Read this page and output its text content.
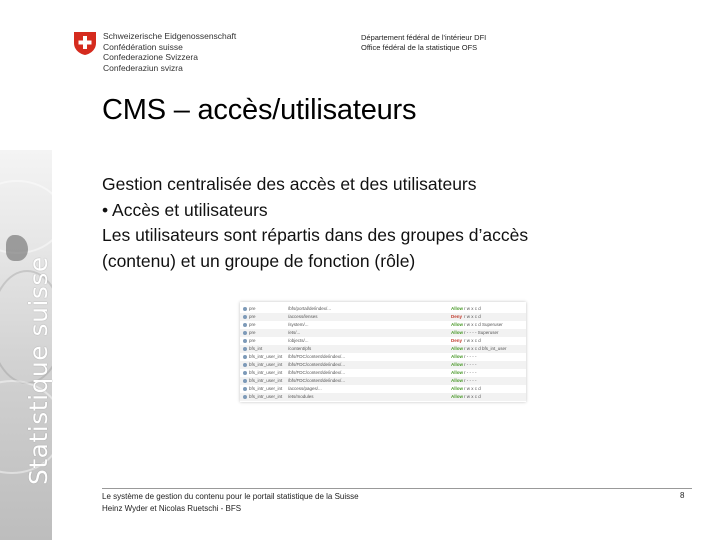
Statistique suisse
Schweizerische Eidgenossenschaft
Confédération suisse
Confederazione Svizzera
Confederaziun svizra
Département fédéral de l'intérieur DFI
Office fédéral de la statistique OFS
CMS – accès/utilisateurs
Gestion centralisée des accès et des utilisateurs
• Accès et utilisateurs
Les utilisateurs sont répartis dans des groupes d’accès
(contenu) et un groupe de fonction (rôle)
pre	/bfs/portal/de/index/...	Allow r w x c d
pre	/access/lenses	Deny r w x c d
pre	/system/...	Allow r w x c d Superuser
pre	/ets/...	Allow r - - - - Superuser
pre	/objects/...	Deny r w x c d
bfs_int	/content/pfs	Allow r w x c d bfs_int_user
bfs_intr_user_int /bfs/FDC/content/de/index/...	Allow r - - - -
bfs_intr_user_int /bfs/FDC/content/de/index/...	Allow r - - - -
bfs_intr_user_int /bfs/FDC/content/de/index/...	Allow r - - - -
bfs_intr_user_int /bfs/FDC/content/de/index/...	Allow r - - - -
bfs_intr_user_int /access/pages/...	Allow r w x c d
bfs_intr_user_int /ets/modules	Allow r w x c d
Le système de gestion du contenu pour le portail statistique de la Suisse
Heinz Wyder et Nicolas Ruetschi - BFS
8
